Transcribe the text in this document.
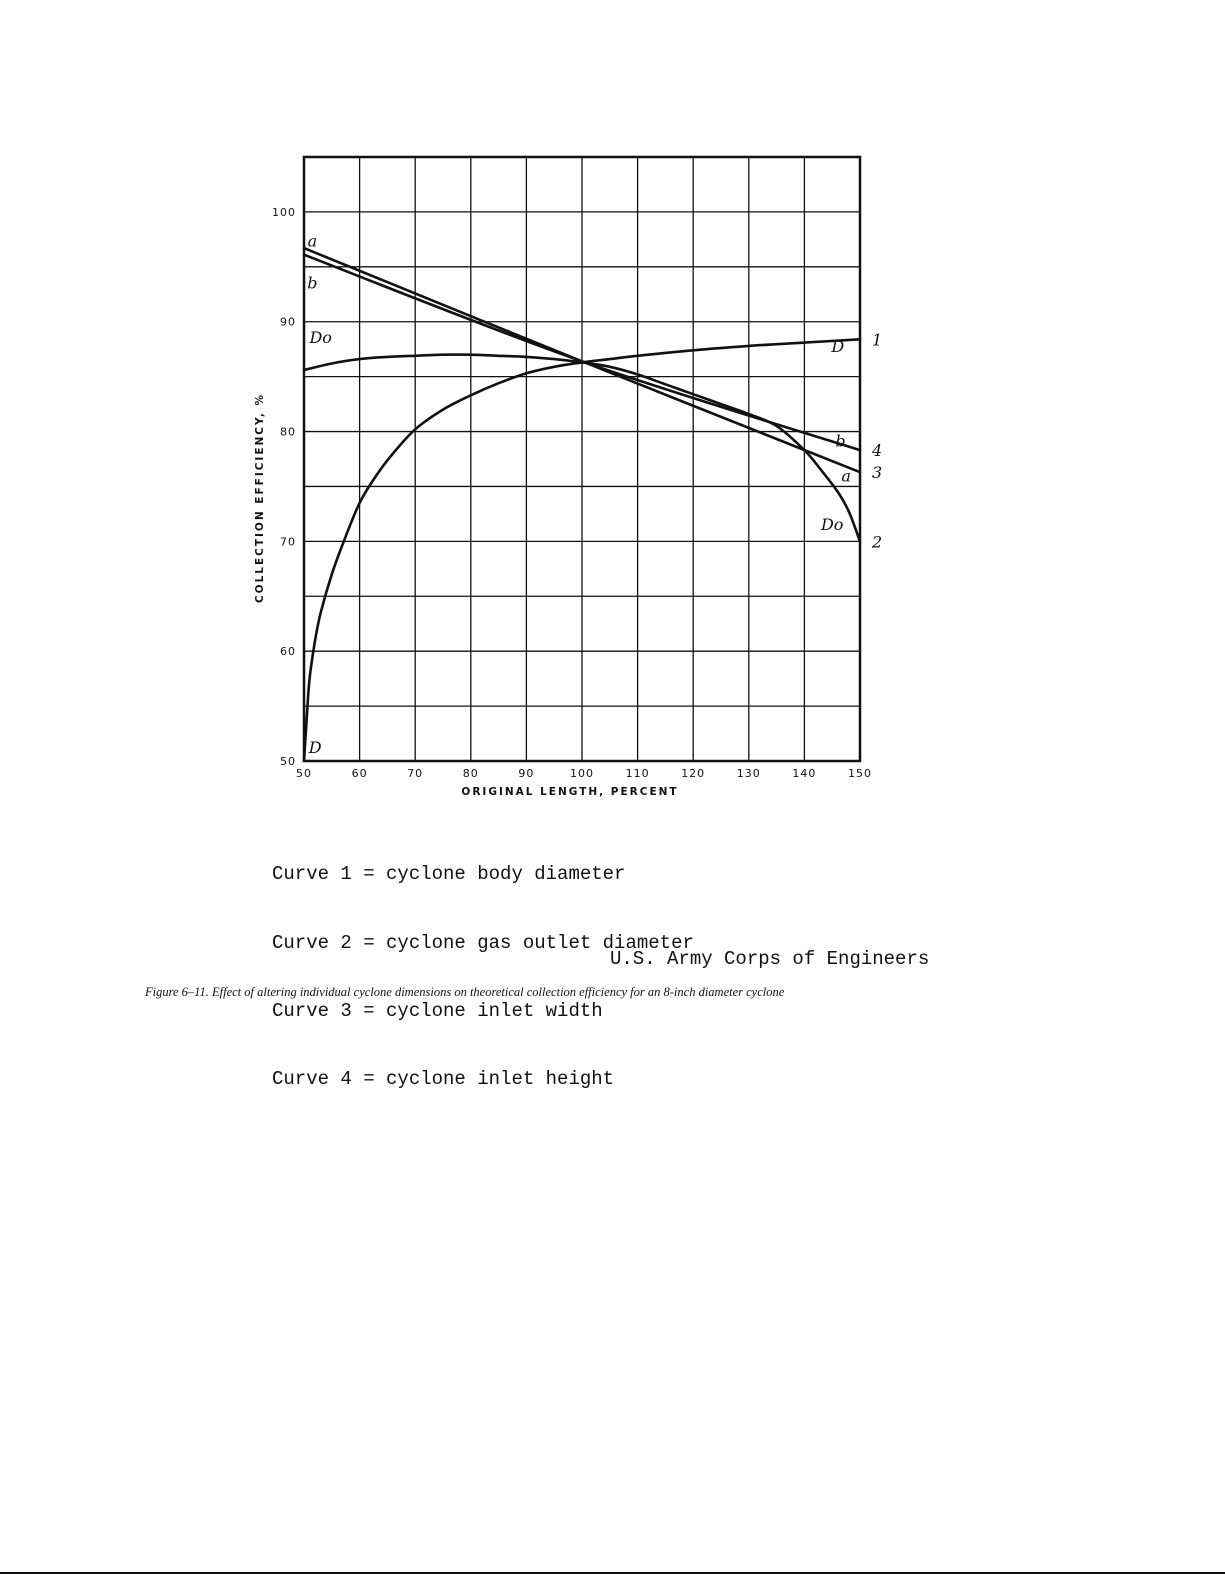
50	60	70	80	90	100	110	120	130	140	150
50
60
70
80
90
100
D
D 1
Do
Do
2
a
a 3
b
b
4
ORIGINAL LENGTH, PERCENT
COLLECTION EFFICIENCY, %

Curve 1 = cyclone body diameter

Curve 2 = cyclone gas outlet diameter

Curve 3 = cyclone inlet width

Curve 4 = cyclone inlet height

U.S. Army Corps of Engineers
Figure 6–11. Effect of altering individual cyclone dimensions on theoretical collection efficiency for an 8-inch diameter cyclone
